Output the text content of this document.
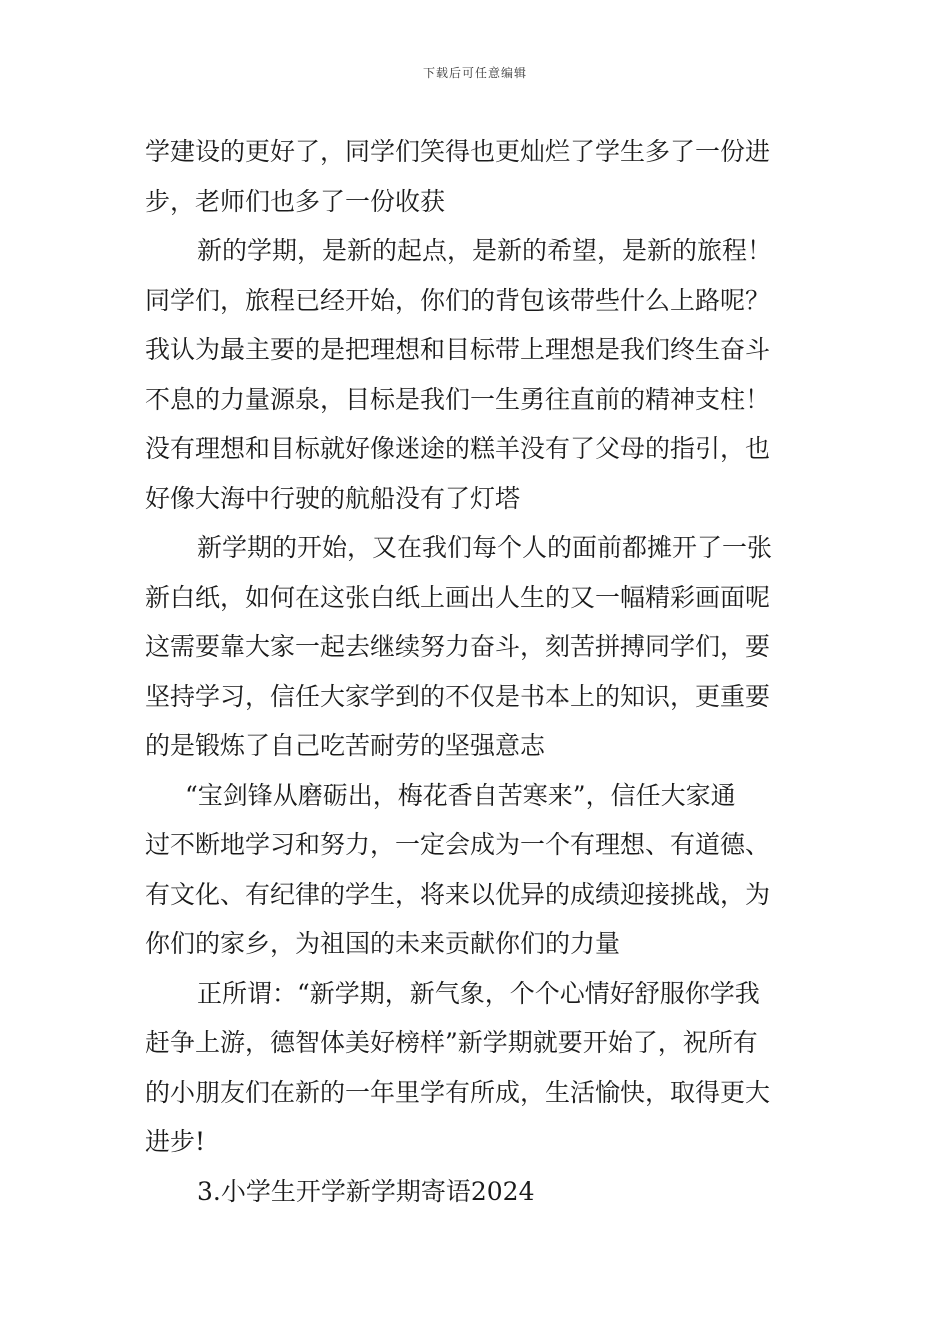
下载后可任意编辑
学建设的更好了，同学们笑得也更灿烂了学生多了一份进
步，老师们也多了一份收获
新的学期，是新的起点，是新的希望，是新的旅程！
同学们，旅程已经开始，你们的背包该带些什么上路呢？
我认为最主要的是把理想和目标带上理想是我们终生奋斗
不息的力量源泉，目标是我们一生勇往直前的精神支柱！
没有理想和目标就好像迷途的糕羊没有了父母的指引，也
好像大海中行驶的航船没有了灯塔
新学期的开始，又在我们每个人的面前都摊开了一张
新白纸，如何在这张白纸上画出人生的又一幅精彩画面呢
这需要靠大家一起去继续努力奋斗，刻苦拼搏同学们，要
坚持学习，信任大家学到的不仅是书本上的知识，更重要
的是锻炼了自己吃苦耐劳的坚强意志
“宝剑锋从磨砺出，梅花香自苦寒来”，信任大家通
过不断地学习和努力，一定会成为一个有理想、有道德、
有文化、有纪律的学生，将来以优异的成绩迎接挑战，为
你们的家乡，为祖国的未来贡献你们的力量
正所谓：“新学期，新气象，个个心情好舒服你学我
赶争上游，德智体美好榜样”新学期就要开始了，祝所有
的小朋友们在新的一年里学有所成，生活愉快，取得更大
进步!
3.小学生开学新学期寄语2024
